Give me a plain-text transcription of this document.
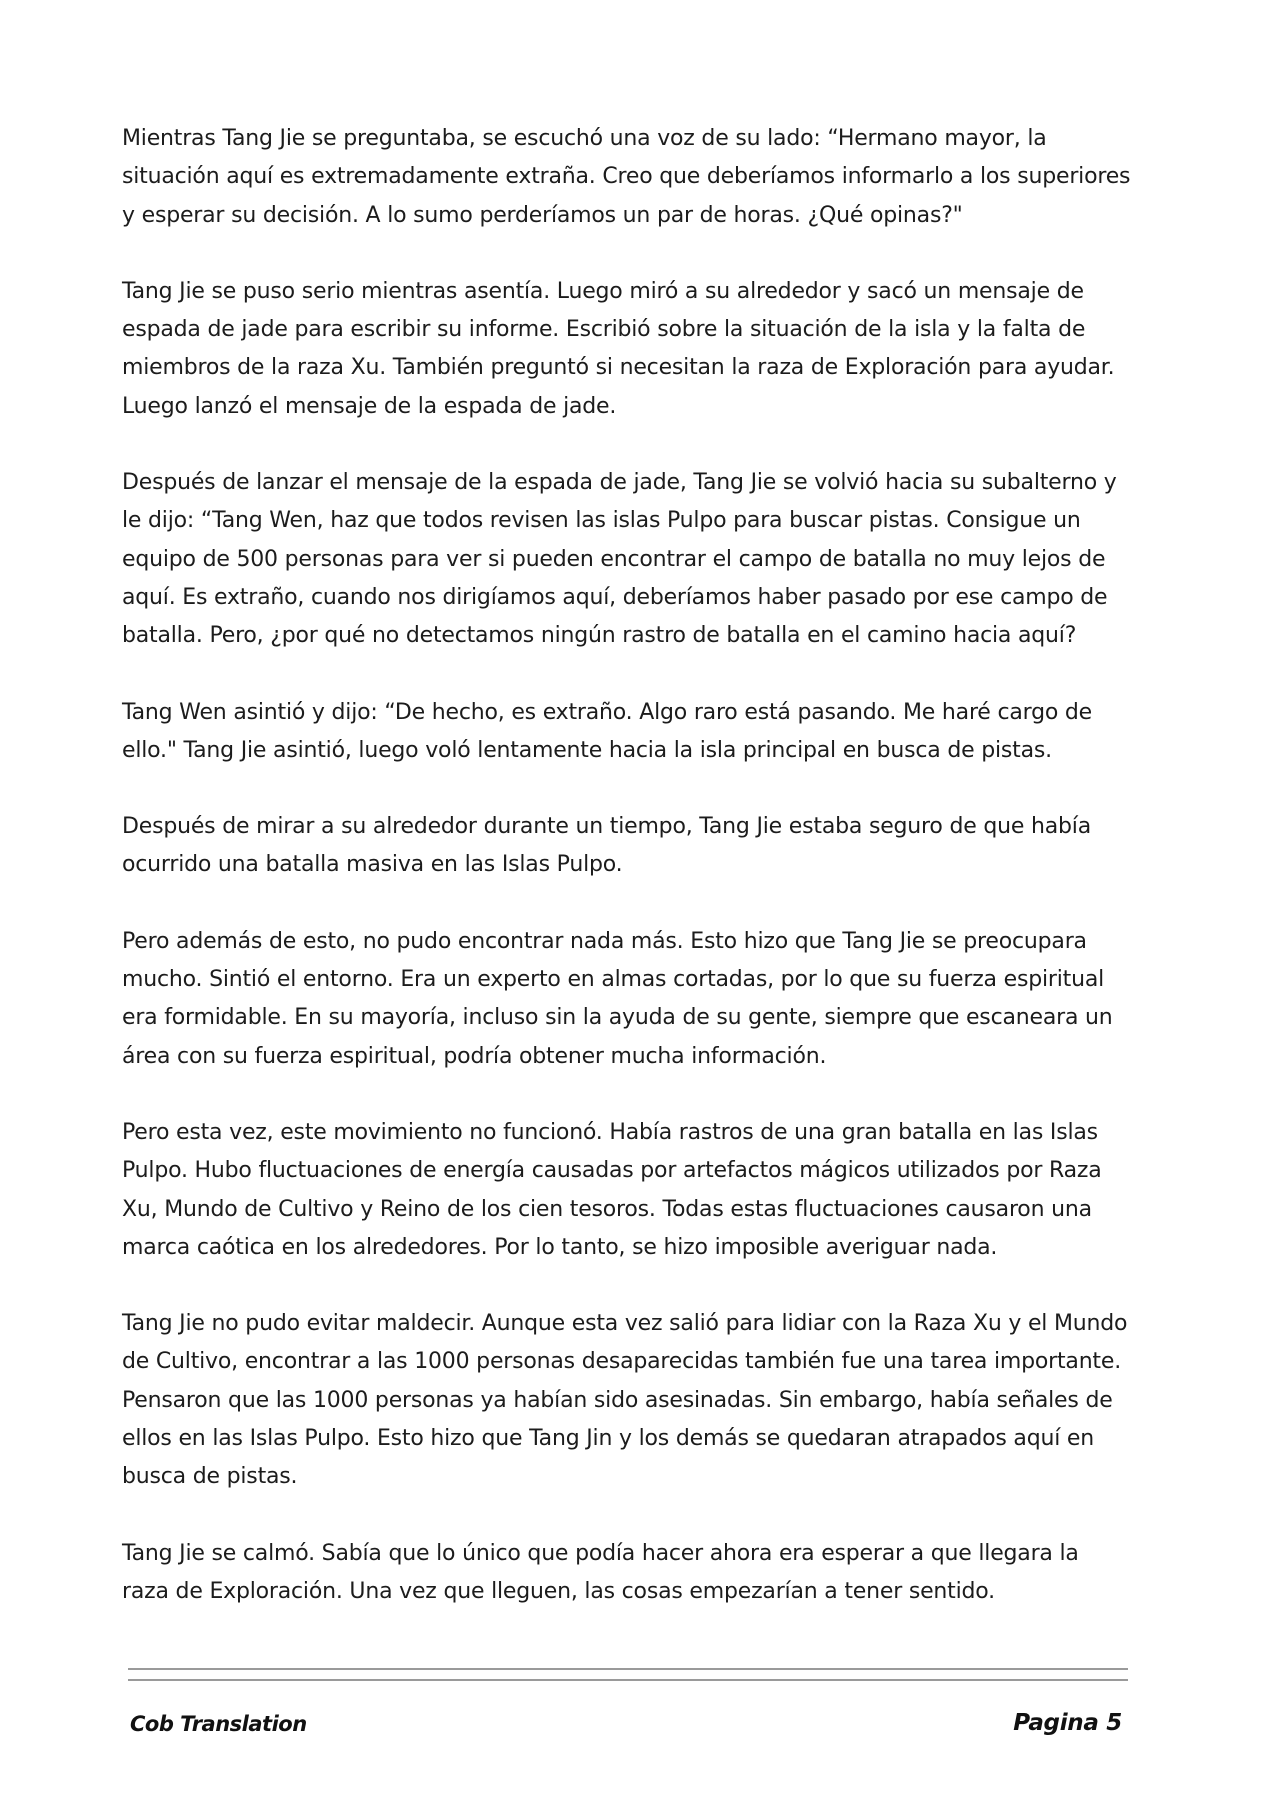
Mientras Tang Jie se preguntaba, se escuchó una voz de su lado: “Hermano mayor, la situación aquí es extremadamente extraña. Creo que deberíamos informarlo a los superiores y esperar su decisión. A lo sumo perderíamos un par de horas. ¿Qué opinas?"

Tang Jie se puso serio mientras asentía. Luego miró a su alrededor y sacó un mensaje de espada de jade para escribir su informe. Escribió sobre la situación de la isla y la falta de miembros de la raza Xu. También preguntó si necesitan la raza de Exploración para ayudar. Luego lanzó el mensaje de la espada de jade.

Después de lanzar el mensaje de la espada de jade, Tang Jie se volvió hacia su subalterno y le dijo: “Tang Wen, haz que todos revisen las islas Pulpo para buscar pistas. Consigue un equipo de 500 personas para ver si pueden encontrar el campo de batalla no muy lejos de aquí. Es extraño, cuando nos dirigíamos aquí, deberíamos haber pasado por ese campo de batalla. Pero, ¿por qué no detectamos ningún rastro de batalla en el camino hacia aquí?

Tang Wen asintió y dijo: “De hecho, es extraño. Algo raro está pasando. Me haré cargo de ello." Tang Jie asintió, luego voló lentamente hacia la isla principal en busca de pistas.

Después de mirar a su alrededor durante un tiempo, Tang Jie estaba seguro de que había ocurrido una batalla masiva en las Islas Pulpo.

Pero además de esto, no pudo encontrar nada más. Esto hizo que Tang Jie se preocupara mucho. Sintió el entorno. Era un experto en almas cortadas, por lo que su fuerza espiritual era formidable. En su mayoría, incluso sin la ayuda de su gente, siempre que escaneara un área con su fuerza espiritual, podría obtener mucha información.

Pero esta vez, este movimiento no funcionó. Había rastros de una gran batalla en las Islas Pulpo. Hubo fluctuaciones de energía causadas por artefactos mágicos utilizados por Raza Xu, Mundo de Cultivo y Reino de los cien tesoros. Todas estas fluctuaciones causaron una marca caótica en los alrededores. Por lo tanto, se hizo imposible averiguar nada.

Tang Jie no pudo evitar maldecir. Aunque esta vez salió para lidiar con la Raza Xu y el Mundo de Cultivo, encontrar a las 1000 personas desaparecidas también fue una tarea importante. Pensaron que las 1000 personas ya habían sido asesinadas. Sin embargo, había señales de ellos en las Islas Pulpo. Esto hizo que Tang Jin y los demás se quedaran atrapados aquí en busca de pistas.

Tang Jie se calmó. Sabía que lo único que podía hacer ahora era esperar a que llegara la raza de Exploración. Una vez que lleguen, las cosas empezarían a tener sentido.

Cob Translation	Pagina 5
